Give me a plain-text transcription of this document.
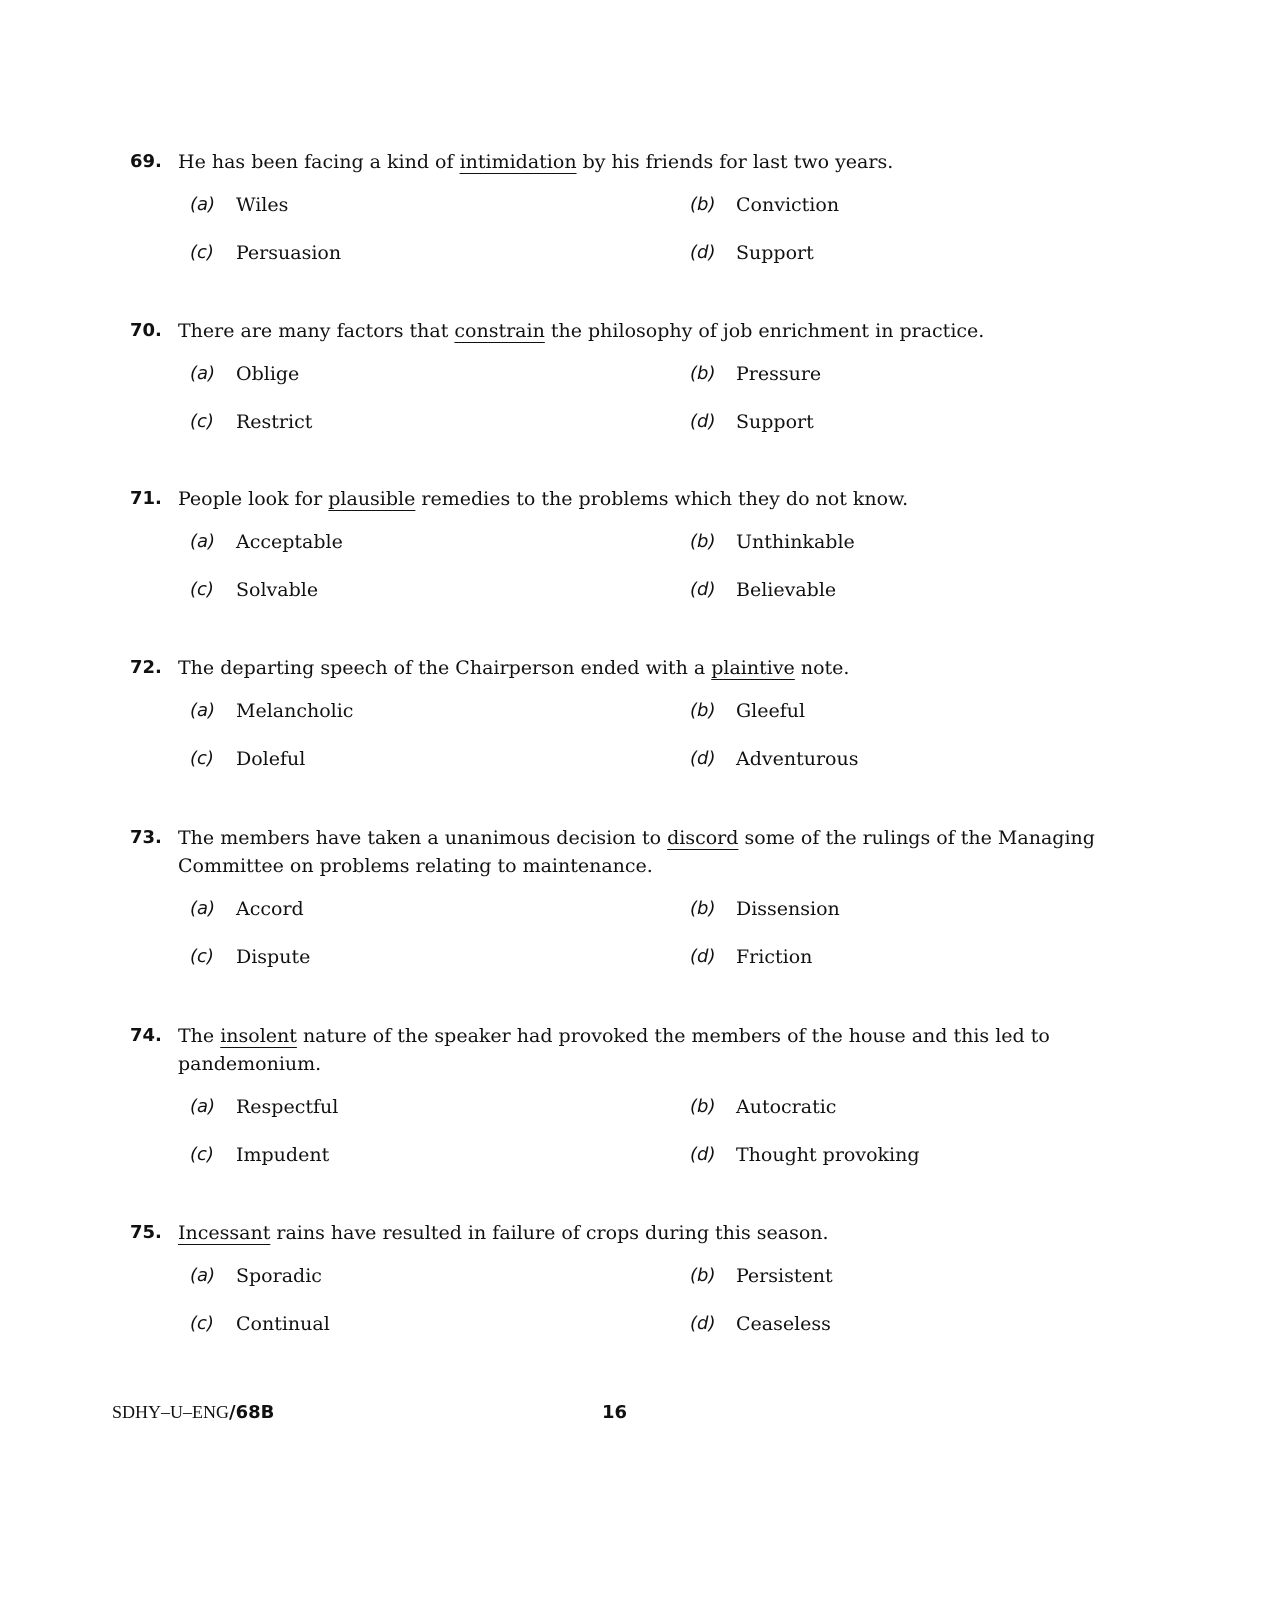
69. He has been facing a kind of intimidation by his friends for last two years.
(a)	Wiles	(b)	Conviction
(c)	Persuasion	(d)	Support
70. There are many factors that constrain the philosophy of job enrichment in practice.
(a)	Oblige	(b)	Pressure
(c)	Restrict	(d)	Support
71. People look for plausible remedies to the problems which they do not know.
(a)	Acceptable	(b)	Unthinkable
(c)	Solvable	(d)	Believable
72. The departing speech of the Chairperson ended with a plaintive note.
(a)	Melancholic	(b)	Gleeful
(c)	Doleful	(d)	Adventurous
73. The members have taken a unanimous decision to discord some of the rulings of the Managing Committee on problems relating to maintenance.
(a)	Accord	(b)	Dissension
(c)	Dispute	(d)	Friction
74. The insolent nature of the speaker had provoked the members of the house and this led to pandemonium.
(a)	Respectful	(b)	Autocratic
(c)	Impudent	(d)	Thought provoking
75. Incessant rains have resulted in failure of crops during this season.
(a)	Sporadic	(b)	Persistent
(c)	Continual	(d)	Ceaseless
SDHY–U–ENG/68B	16
